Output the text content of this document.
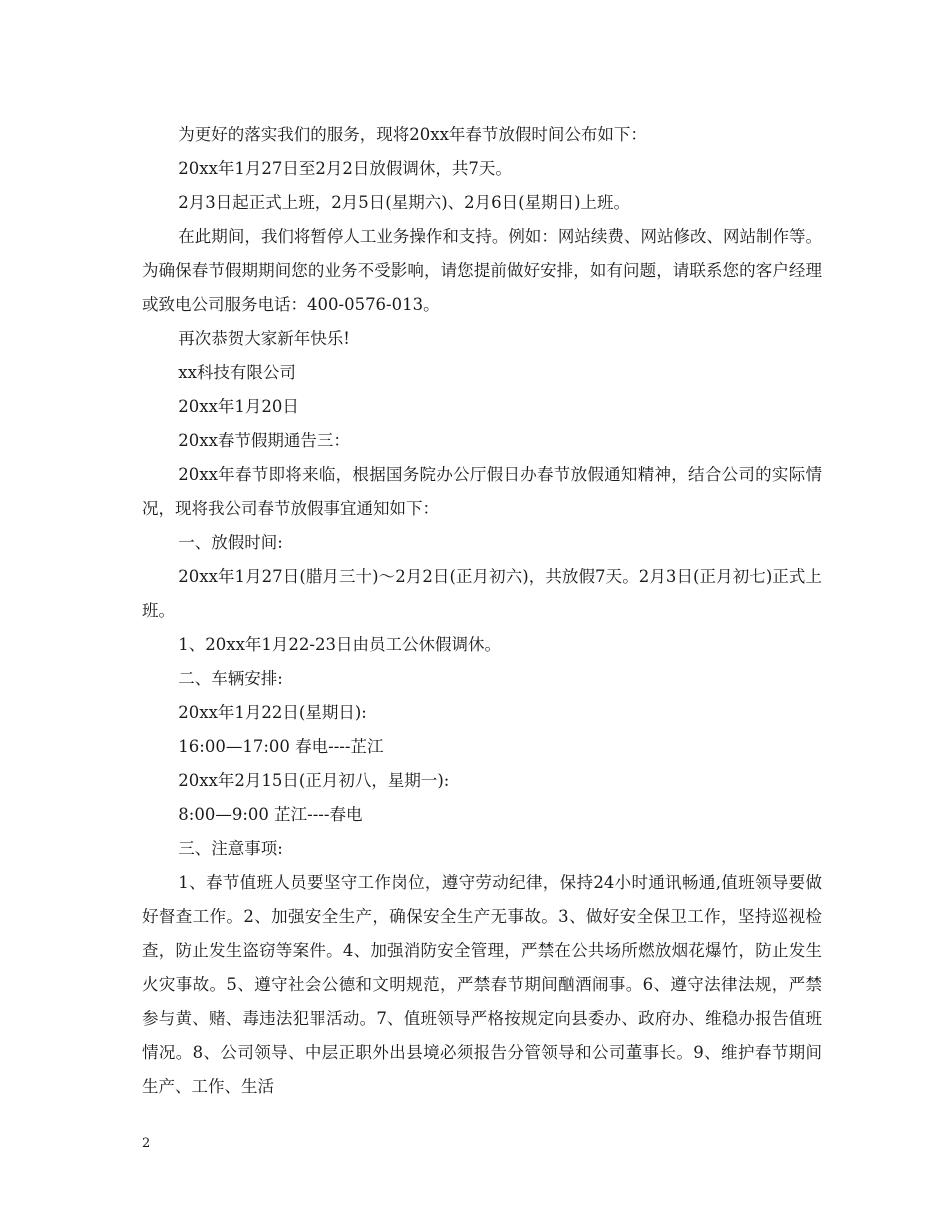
为更好的落实我们的服务，现将20xx年春节放假时间公布如下：

20xx年1月27日至2月2日放假调休，共7天。

2月3日起正式上班，2月5日(星期六)、2月6日(星期日)上班。

在此期间，我们将暂停人工业务操作和支持。例如：网站续费、网站修改、网站制作等。为确保春节假期期间您的业务不受影响，请您提前做好安排，如有问题，请联系您的客户经理或致电公司服务电话：400-0576-013。

再次恭贺大家新年快乐!

xx科技有限公司

20xx年1月20日

20xx春节假期通告三：

20xx年春节即将来临，根据国务院办公厅假日办春节放假通知精神，结合公司的实际情况，现将我公司春节放假事宜通知如下：

一、放假时间:

20xx年1月27日(腊月三十)～2月2日(正月初六)，共放假7天。2月3日(正月初七)正式上班。

1、20xx年1月22-23日由员工公休假调休。

二、车辆安排:

20xx年1月22日(星期日):

16:00—17:00 春电----芷江

20xx年2月15日(正月初八，星期一):

8:00—9:00 芷江----春电

三、注意事项:

1、春节值班人员要坚守工作岗位，遵守劳动纪律，保持24小时通讯畅通,值班领导要做好督查工作。2、加强安全生产，确保安全生产无事故。3、做好安全保卫工作，坚持巡视检查，防止发生盗窃等案件。4、加强消防安全管理，严禁在公共场所燃放烟花爆竹，防止发生火灾事故。5、遵守社会公德和文明规范，严禁春节期间酗酒闹事。6、遵守法律法规，严禁参与黄、赌、毒违法犯罪活动。7、值班领导严格按规定向县委办、政府办、维稳办报告值班情况。8、公司领导、中层正职外出县境必须报告分管领导和公司董事长。9、维护春节期间生产、工作、生活

2
